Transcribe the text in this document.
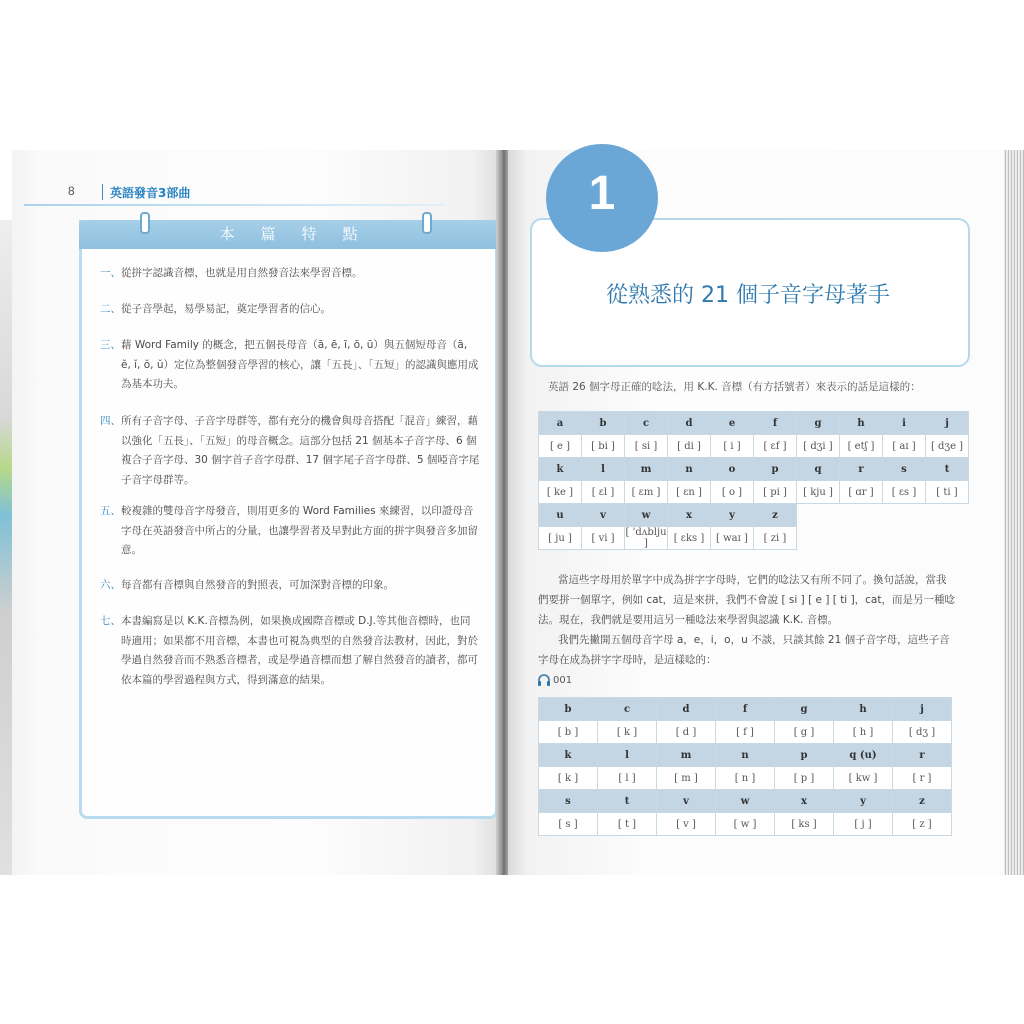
8	英語發音3部曲
本篇特點
一、 從拼字認識音標，也就是用自然發音法來學習音標。
二、 從子音學起，易學易記，奠定學習者的信心。
三、 藉 Word Family 的概念，把五個長母音（ā, ē, ī, ō, ū）與五個短母音（ă, ĕ, ĭ, ŏ, ŭ）定位為整個發音學習的核心，讓「五長」、「五短」的認識與應用成為基本功夫。
四、 所有子音字母、子音字母群等，都有充分的機會與母音搭配「混音」練習，藉以強化「五長」、「五短」的母音概念。這部分包括 21 個基本子音字母、6 個複合子音字母、30 個字首子音字母群、17 個字尾子音字母群、5 個啞音字尾子音字母群等。
五、 較複雜的雙母音字母發音，則用更多的 Word Families 來練習，以印證母音字母在英語發音中所占的分量，也讓學習者及早對此方面的拼字與發音多加留意。
六、 每音都有音標與自然發音的對照表，可加深對音標的印象。
七、 本書編寫是以 K.K.音標為例，如果換成國際音標或 D.J.等其他音標時，也同時適用；如果都不用音標，本書也可視為典型的自然發音法教材，因此，對於學過自然發音而不熟悉音標者，或是學過音標而想了解自然發音的讀者，都可依本篇的學習過程與方式，得到滿意的結果。
1
從熟悉的 21 個子音字母著手
英語 26 個字母正確的唸法，用 K.K. 音標（有方括號者）來表示的話是這樣的：
a	b	c	d	e	f	g	h	i	j
[ e ]	[ bi ]	[ si ]	[ di ]	[ i ]	[ ɛf ]	[ dʒi ]	[ etʃ ]	[ aɪ ]	[ dʒe ]
k	l	m	n	o	p	q	r	s	t
[ ke ]	[ ɛl ]	[ ɛm ]	[ ɛn ]	[ o ]	[ pi ]	[ kju ]	[ ɑr ]	[ ɛs ]	[ ti ]
u	v	w	x	y	z				
[ ju ]	[ vi ]	[ 'dʌblju ]	[ ɛks ]	[ waɪ ]	[ zi ]				
當這些字母用於單字中成為拼字字母時，它們的唸法又有所不同了。換句話說，當我們要拼一個單字，例如 cat，這是來拼，我們不會說 [ si ] [ e ] [ ti ]，cat，而是另一種唸法。現在，我們就是要用這另一種唸法來學習與認識 K.K. 音標。
我們先撇開五個母音字母 a，e，i，o，u 不談，只談其餘 21 個子音字母，這些子音字母在成為拼字字母時，是這樣唸的：
001
b	c	d	f	g	h	j
[ b ]	[ k ]	[ d ]	[ f ]	[ g ]	[ h ]	[ dʒ ]
k	l	m	n	p	q (u)	r
[ k ]	[ l ]	[ m ]	[ n ]	[ p ]	[ kw ]	[ r ]
s	t	v	w	x	y	z
[ s ]	[ t ]	[ v ]	[ w ]	[ ks ]	[ j ]	[ z ]
